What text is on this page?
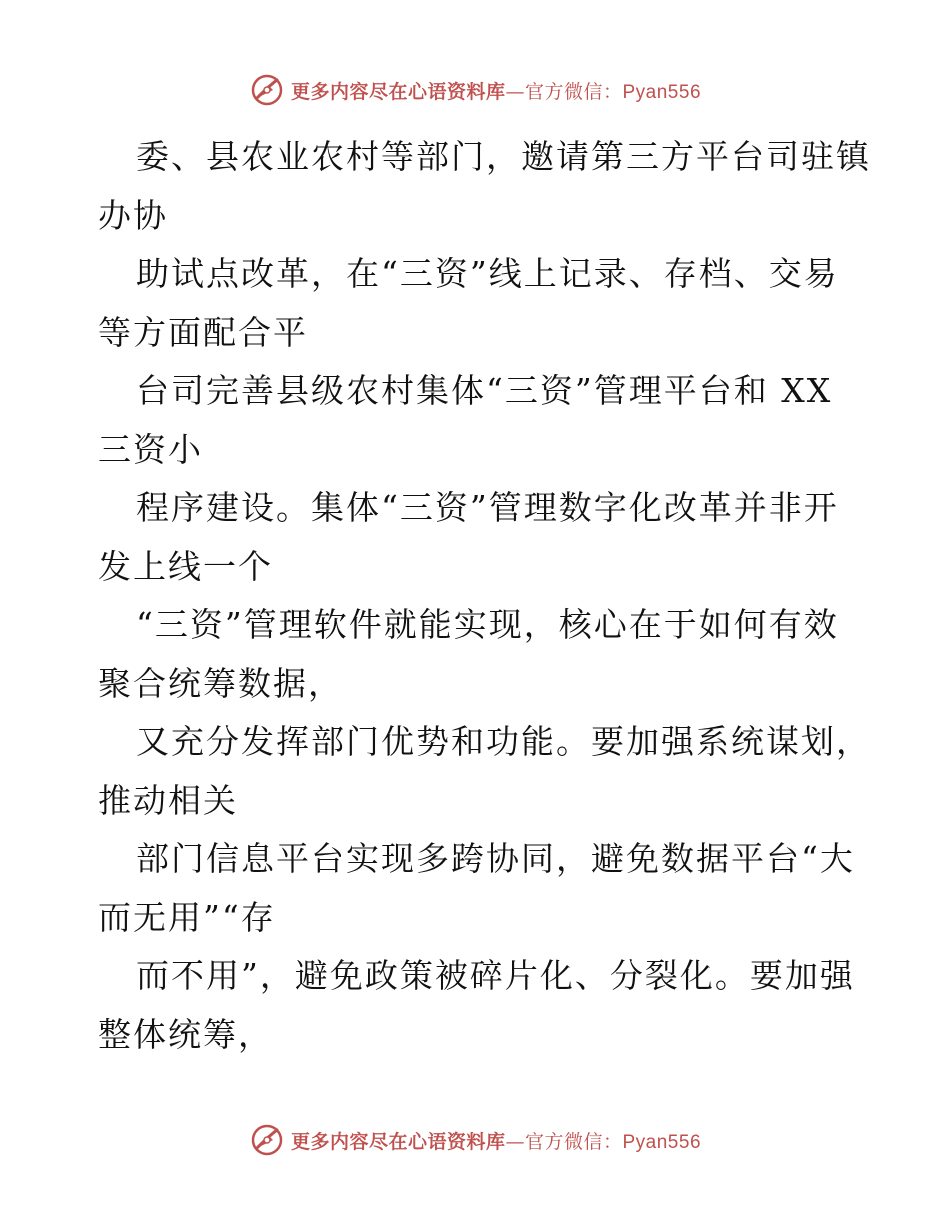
更多内容尽在心语资料库—官方微信：Pyan556
委、县农业农村等部门，邀请第三方平台司驻镇
办协
助试点改革，在“三资”线上记录、存档、交易
等方面配合平
台司完善县级农村集体“三资”管理平台和 XX
三资小
程序建设。集体“三资”管理数字化改革并非开
发上线一个
“三资”管理软件就能实现，核心在于如何有效
聚合统筹数据，
又充分发挥部门优势和功能。要加强系统谋划，
推动相关
部门信息平台实现多跨协同，避免数据平台“大
而无用”“存
而不用”，避免政策被碎片化、分裂化。要加强
整体统筹，
更多内容尽在心语资料库—官方微信：Pyan556
